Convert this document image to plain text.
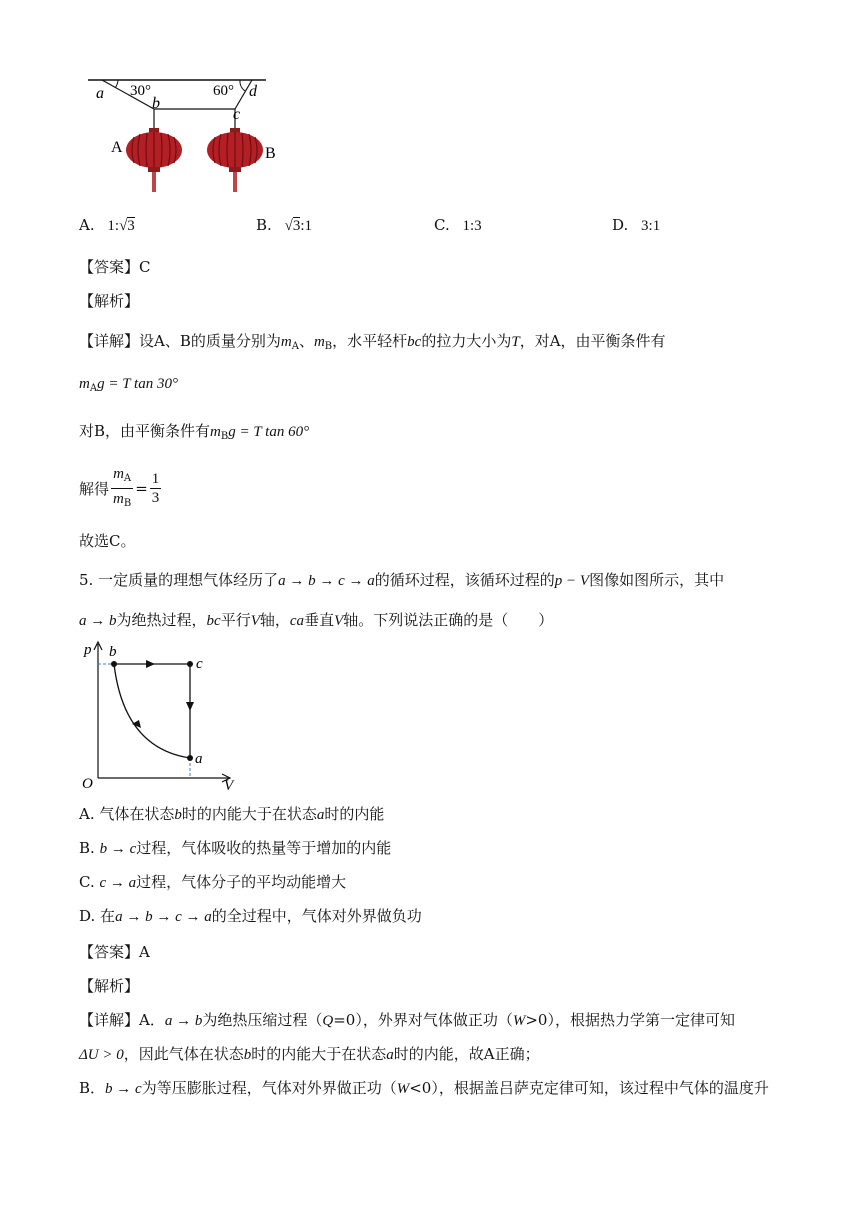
a 30°
b
60° d
c
A	B
A. 1:√3	B. √3:1	C. 1:3	D. 3:1
【答案】C
【解析】
【详解】设A、B的质量分别为$m_A$、$m_B$，水平轻杆bc的拉力大小为T，对A，由平衡条件有
$m_Ag = T$ tan 30°
对B，由平衡条件有$m_Bg = T$ tan 60°
解得 $\frac{m_A}{m_B} = \frac{1}{3}$
故选C。
5. 一定质量的理想气体经历了a → b → c → a的循环过程，该循环过程的p − V图像如图所示，其中
a → b为绝热过程，bc平行V轴，ca垂直V轴。下列说法正确的是（　　）
p b
c
a
O	V
A. 气体在状态b时的内能大于在状态a时的内能
B. b → c过程，气体吸收的热量等于增加的内能
C. c → a过程，气体分子的平均动能增大
D. 在a → b → c → a的全过程中，气体对外界做负功
【答案】A
【解析】
【详解】A．a → b为绝热压缩过程（Q=0），外界对气体做正功（W>0），根据热力学第一定律可知
ΔU > 0，因此气体在状态b时的内能大于在状态a时的内能，故A正确；
B．b → c为等压膨胀过程，气体对外界做正功（W<0），根据盖吕萨克定律可知，该过程中气体的温度升
